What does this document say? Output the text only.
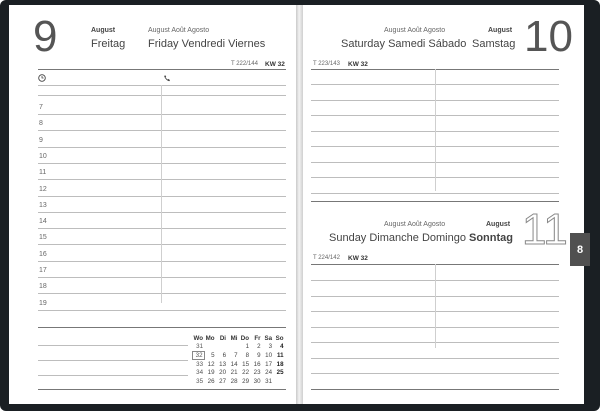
9	August
Freitag
August Août Agosto
Friday Vendredi Viernes
T 222/144 KW 32
7
8
9
10
11
12
13
14
15
16
17
18
19
Wo	Mo	Di	Mi	Do	Fr	Sa	So
31				1	2	3	4
32	5	6	7	8	9	10	11
33	12	13	14	15	16	17	18
34	19	20	21	22	23	24	25
35	26	27	28	29	30	31	
August Août Agosto
Saturday Samedi Sábado
August
Samstag 10
T 223/143 KW 32
August Août Agosto
Sunday Dimanche Domingo
August
Sonntag 11
T 224/142 KW 32
8
